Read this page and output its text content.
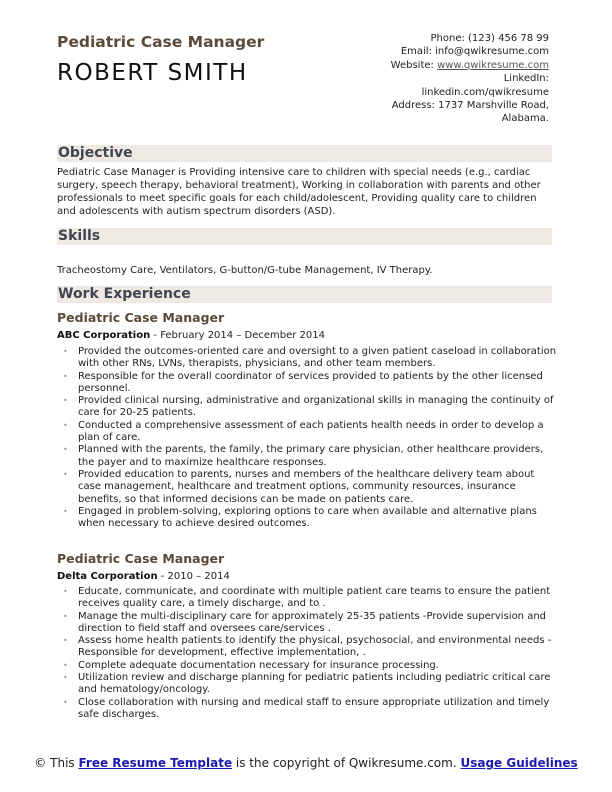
Pediatric Case Manager
ROBERT SMITH
Phone: (123) 456 78 99
Email: info@qwikresume.com
Website: www.qwikresume.com
LinkedIn:
linkedin.com/qwikresume
Address: 1737 Marshville Road,
Alabama.
Objective
Pediatric Case Manager is Providing intensive care to children with special needs (e.g., cardiac surgery, speech therapy, behavioral treatment), Working in collaboration with parents and other professionals to meet specific goals for each child/adolescent, Providing quality care to children and adolescents with autism spectrum disorders (ASD).
Skills
Tracheostomy Care, Ventilators, G-button/G-tube Management, IV Therapy.
Work Experience
Pediatric Case Manager
ABC Corporation - February 2014 – December 2014
• Provided the outcomes-oriented care and oversight to a given patient caseload in collaboration with other RNs, LVNs, therapists, physicians, and other team members.
• Responsible for the overall coordinator of services provided to patients by the other licensed personnel.
• Provided clinical nursing, administrative and organizational skills in managing the continuity of care for 20-25 patients.
• Conducted a comprehensive assessment of each patients health needs in order to develop a plan of care.
• Planned with the parents, the family, the primary care physician, other healthcare providers, the payer and to maximize healthcare responses.
• Provided education to parents, nurses and members of the healthcare delivery team about case management, healthcare and treatment options, community resources, insurance benefits, so that informed decisions can be made on patients care.
• Engaged in problem-solving, exploring options to care when available and alternative plans when necessary to achieve desired outcomes.
Pediatric Case Manager
Delta Corporation - 2010 – 2014
• Educate, communicate, and coordinate with multiple patient care teams to ensure the patient receives quality care, a timely discharge, and to .
• Manage the multi-disciplinary care for approximately 25-35 patients -Provide supervision and direction to field staff and oversees care/services .
• Assess home health patients to identify the physical, psychosocial, and environmental needs -Responsible for development, effective implementation, .
• Complete adequate documentation necessary for insurance processing.
• Utilization review and discharge planning for pediatric patients including pediatric critical care and hematology/oncology.
• Close collaboration with nursing and medical staff to ensure appropriate utilization and timely safe discharges.
© This Free Resume Template is the copyright of Qwikresume.com. Usage Guidelines
